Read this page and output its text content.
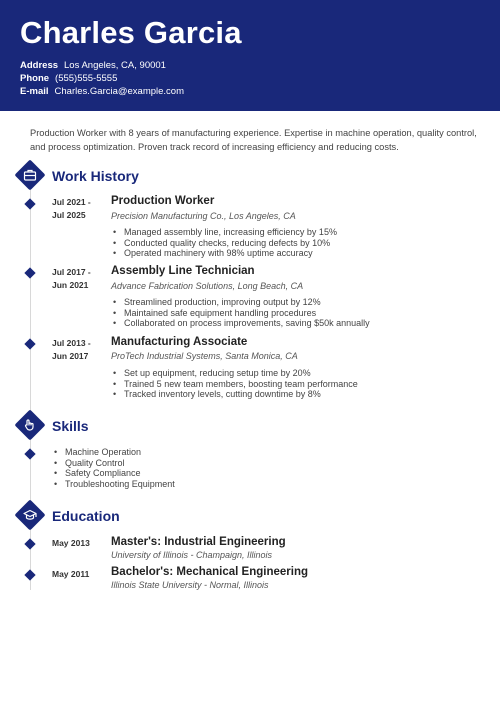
Charles Garcia
Address Los Angeles, CA, 90001
Phone (555)555-5555
E-mail Charles.Garcia@example.com
Production Worker with 8 years of manufacturing experience. Expertise in machine operation, quality control, and process optimization. Proven track record of increasing efficiency and reducing costs.
Work History
Jul 2021 -
Jul 2025
Production Worker
Precision Manufacturing Co., Los Angeles, CA
• Managed assembly line, increasing efficiency by 15%
• Conducted quality checks, reducing defects by 10%
• Operated machinery with 98% uptime accuracy
Jul 2017 -
Jun 2021
Assembly Line Technician
Advance Fabrication Solutions, Long Beach, CA
• Streamlined production, improving output by 12%
• Maintained safe equipment handling procedures
• Collaborated on process improvements, saving $50k annually
Jul 2013 -
Jun 2017
Manufacturing Associate
ProTech Industrial Systems, Santa Monica, CA
• Set up equipment, reducing setup time by 20%
• Trained 5 new team members, boosting team performance
• Tracked inventory levels, cutting downtime by 8%
Skills
• Machine Operation
• Quality Control
• Safety Compliance
• Troubleshooting Equipment
Education
May 2013 Master's: Industrial Engineering
University of Illinois - Champaign, Illinois
May 2011 Bachelor's: Mechanical Engineering
Illinois State University - Normal, Illinois
